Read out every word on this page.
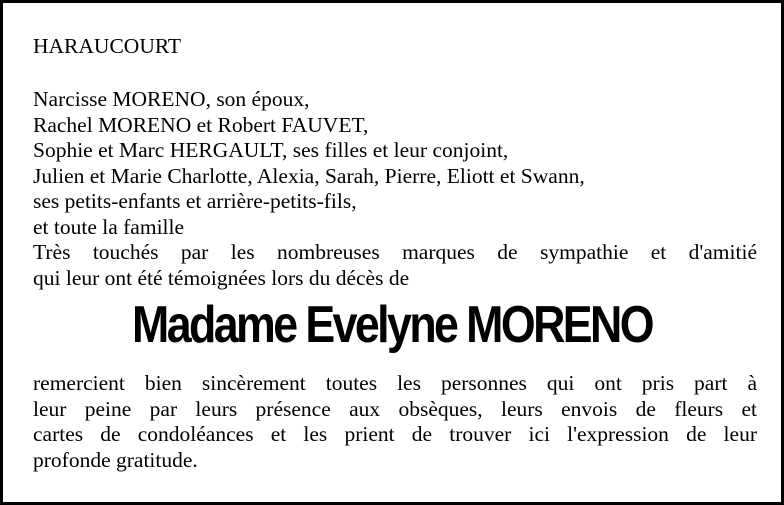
HARAUCOURT

Narcisse MORENO, son époux,
Rachel MORENO et Robert FAUVET,
Sophie et Marc HERGAULT, ses filles et leur conjoint,
Julien et Marie Charlotte, Alexia, Sarah, Pierre, Eliott et Swann,
ses petits-enfants et arrière-petits-fils,
et toute la famille
Très touchés par les nombreuses marques de sympathie et d'amitié
qui leur ont été témoignées lors du décès de

Madame Evelyne MORENO

remercient bien sincèrement toutes les personnes qui ont pris part à
leur peine par leurs présence aux obsèques, leurs envois de fleurs et
cartes de condoléances et les prient de trouver ici l'expression de leur
profonde gratitude.
